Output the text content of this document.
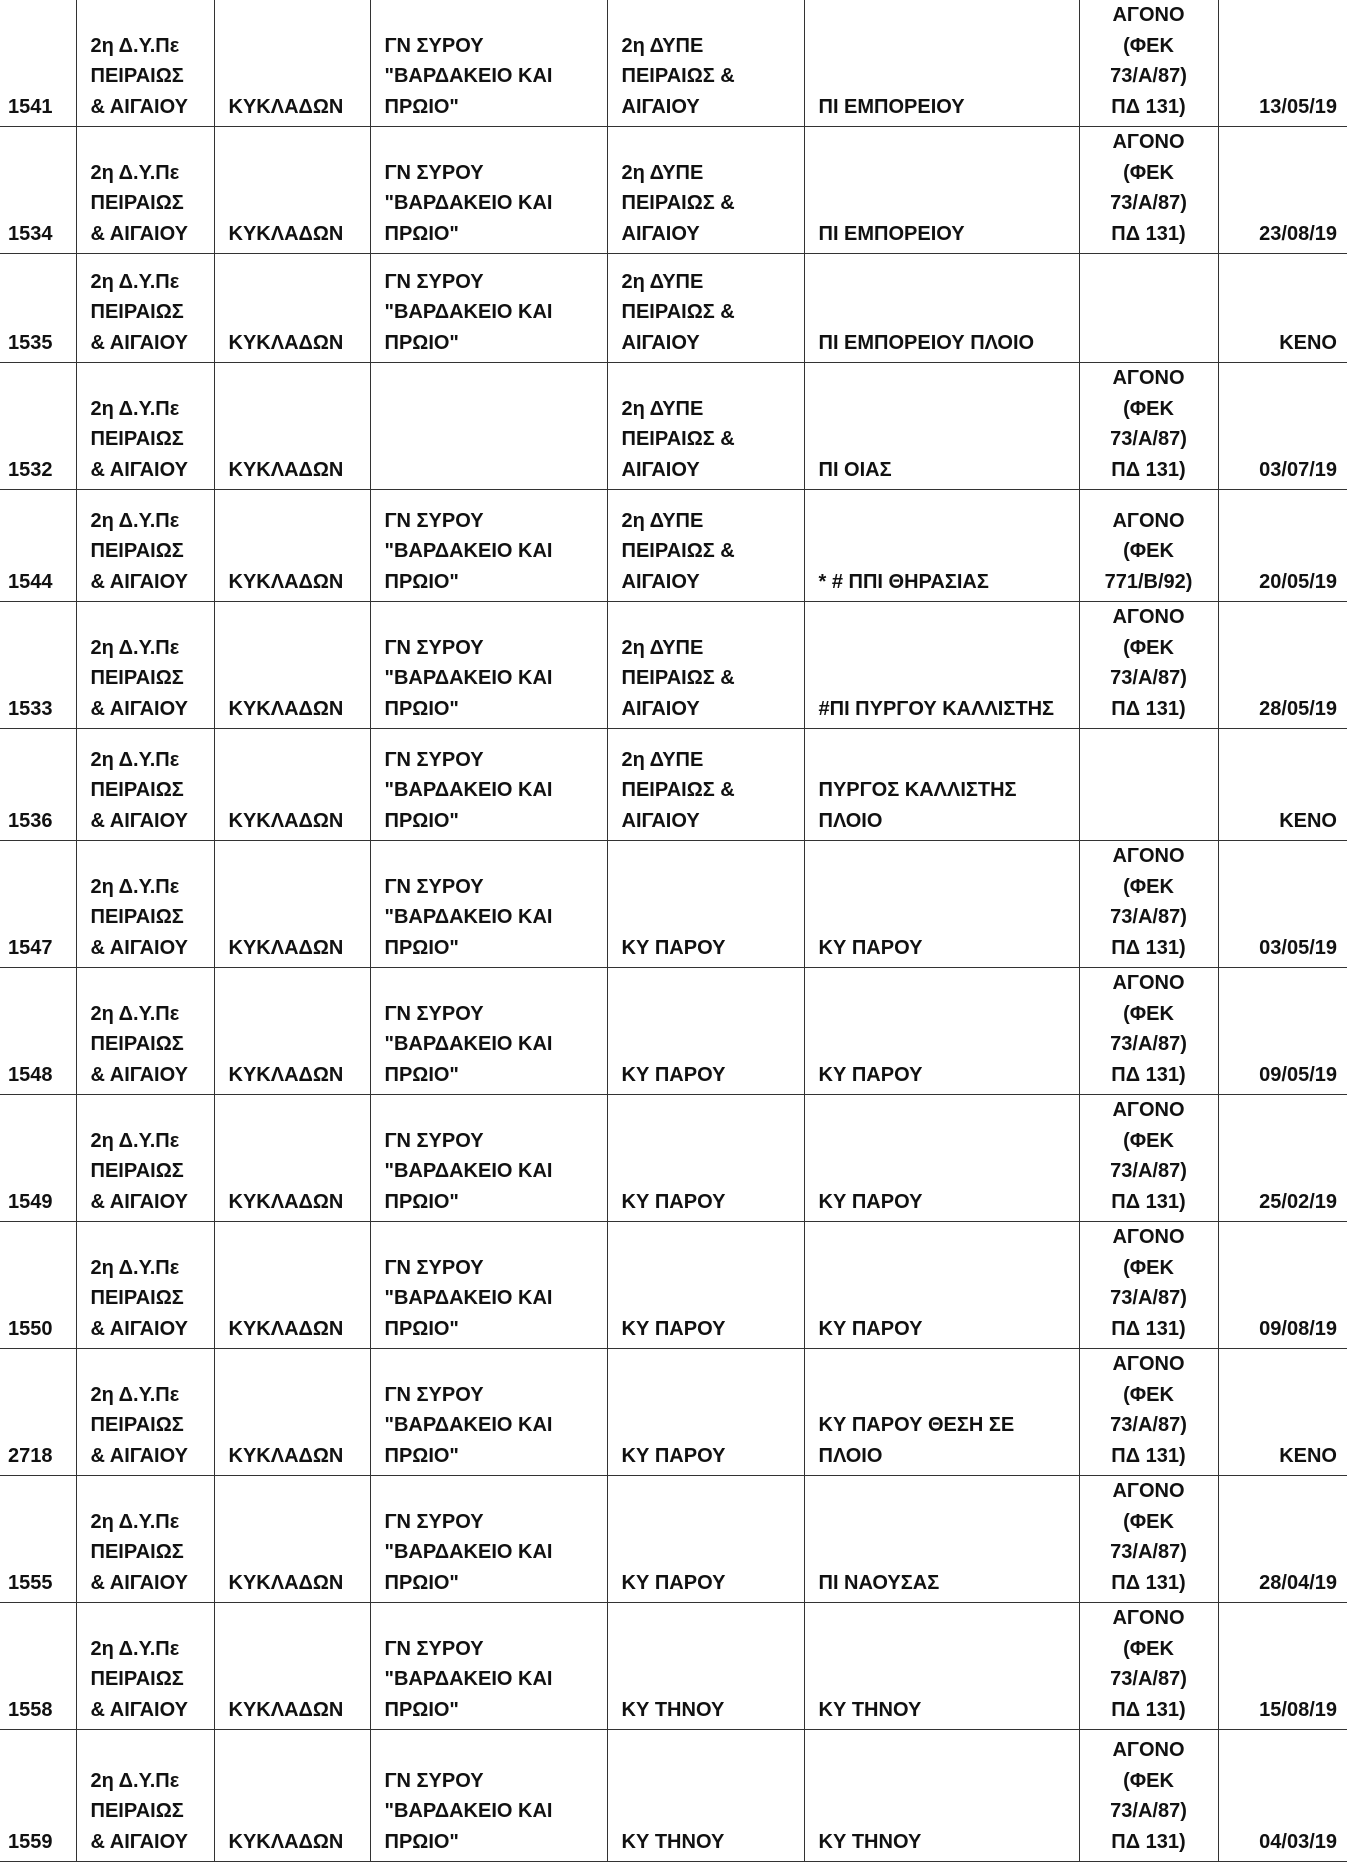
1541	2η Δ.Υ.Πε
ΠΕΙΡΑΙΩΣ
& ΑΙΓΑΙΟΥ	ΚΥΚΛΑΔΩΝ	ΓΝ ΣΥΡΟΥ
"ΒΑΡΔΑΚΕΙΟ ΚΑΙ
ΠΡΩΙΟ"	2η ΔΥΠΕ
ΠΕΙΡΑΙΩΣ &
ΑΙΓΑΙΟΥ	ΠΙ ΕΜΠΟΡΕΙΟΥ	ΑΓΟΝΟ
(ΦΕΚ
73/Α/87)
ΠΔ 131)	13/05/19
1534	2η Δ.Υ.Πε
ΠΕΙΡΑΙΩΣ
& ΑΙΓΑΙΟΥ	ΚΥΚΛΑΔΩΝ	ΓΝ ΣΥΡΟΥ
"ΒΑΡΔΑΚΕΙΟ ΚΑΙ
ΠΡΩΙΟ"	2η ΔΥΠΕ
ΠΕΙΡΑΙΩΣ &
ΑΙΓΑΙΟΥ	ΠΙ ΕΜΠΟΡΕΙΟΥ	ΑΓΟΝΟ
(ΦΕΚ
73/Α/87)
ΠΔ 131)	23/08/19
1535	2η Δ.Υ.Πε
ΠΕΙΡΑΙΩΣ
& ΑΙΓΑΙΟΥ	ΚΥΚΛΑΔΩΝ	ΓΝ ΣΥΡΟΥ
"ΒΑΡΔΑΚΕΙΟ ΚΑΙ
ΠΡΩΙΟ"	2η ΔΥΠΕ
ΠΕΙΡΑΙΩΣ &
ΑΙΓΑΙΟΥ	ΠΙ ΕΜΠΟΡΕΙΟΥ ΠΛΟΙΟ		ΚΕΝΟ
1532	2η Δ.Υ.Πε
ΠΕΙΡΑΙΩΣ
& ΑΙΓΑΙΟΥ	ΚΥΚΛΑΔΩΝ		2η ΔΥΠΕ
ΠΕΙΡΑΙΩΣ &
ΑΙΓΑΙΟΥ	ΠΙ ΟΙΑΣ	ΑΓΟΝΟ
(ΦΕΚ
73/Α/87)
ΠΔ 131)	03/07/19
1544	2η Δ.Υ.Πε
ΠΕΙΡΑΙΩΣ
& ΑΙΓΑΙΟΥ	ΚΥΚΛΑΔΩΝ	ΓΝ ΣΥΡΟΥ
"ΒΑΡΔΑΚΕΙΟ ΚΑΙ
ΠΡΩΙΟ"	2η ΔΥΠΕ
ΠΕΙΡΑΙΩΣ &
ΑΙΓΑΙΟΥ	* # ΠΠΙ ΘΗΡΑΣΙΑΣ	ΑΓΟΝΟ
(ΦΕΚ
771/Β/92)	20/05/19
1533	2η Δ.Υ.Πε
ΠΕΙΡΑΙΩΣ
& ΑΙΓΑΙΟΥ	ΚΥΚΛΑΔΩΝ	ΓΝ ΣΥΡΟΥ
"ΒΑΡΔΑΚΕΙΟ ΚΑΙ
ΠΡΩΙΟ"	2η ΔΥΠΕ
ΠΕΙΡΑΙΩΣ &
ΑΙΓΑΙΟΥ	#ΠΙ ΠΥΡΓΟΥ ΚΑΛΛΙΣΤΗΣ	ΑΓΟΝΟ
(ΦΕΚ
73/Α/87)
ΠΔ 131)	28/05/19
1536	2η Δ.Υ.Πε
ΠΕΙΡΑΙΩΣ
& ΑΙΓΑΙΟΥ	ΚΥΚΛΑΔΩΝ	ΓΝ ΣΥΡΟΥ
"ΒΑΡΔΑΚΕΙΟ ΚΑΙ
ΠΡΩΙΟ"	2η ΔΥΠΕ
ΠΕΙΡΑΙΩΣ &
ΑΙΓΑΙΟΥ	ΠΥΡΓΟΣ ΚΑΛΛΙΣΤΗΣ
ΠΛΟΙΟ		ΚΕΝΟ
1547	2η Δ.Υ.Πε
ΠΕΙΡΑΙΩΣ
& ΑΙΓΑΙΟΥ	ΚΥΚΛΑΔΩΝ	ΓΝ ΣΥΡΟΥ
"ΒΑΡΔΑΚΕΙΟ ΚΑΙ
ΠΡΩΙΟ"	ΚΥ ΠΑΡΟΥ	ΚΥ ΠΑΡΟΥ	ΑΓΟΝΟ
(ΦΕΚ
73/Α/87)
ΠΔ 131)	03/05/19
1548	2η Δ.Υ.Πε
ΠΕΙΡΑΙΩΣ
& ΑΙΓΑΙΟΥ	ΚΥΚΛΑΔΩΝ	ΓΝ ΣΥΡΟΥ
"ΒΑΡΔΑΚΕΙΟ ΚΑΙ
ΠΡΩΙΟ"	ΚΥ ΠΑΡΟΥ	ΚΥ ΠΑΡΟΥ	ΑΓΟΝΟ
(ΦΕΚ
73/Α/87)
ΠΔ 131)	09/05/19
1549	2η Δ.Υ.Πε
ΠΕΙΡΑΙΩΣ
& ΑΙΓΑΙΟΥ	ΚΥΚΛΑΔΩΝ	ΓΝ ΣΥΡΟΥ
"ΒΑΡΔΑΚΕΙΟ ΚΑΙ
ΠΡΩΙΟ"	ΚΥ ΠΑΡΟΥ	ΚΥ ΠΑΡΟΥ	ΑΓΟΝΟ
(ΦΕΚ
73/Α/87)
ΠΔ 131)	25/02/19
1550	2η Δ.Υ.Πε
ΠΕΙΡΑΙΩΣ
& ΑΙΓΑΙΟΥ	ΚΥΚΛΑΔΩΝ	ΓΝ ΣΥΡΟΥ
"ΒΑΡΔΑΚΕΙΟ ΚΑΙ
ΠΡΩΙΟ"	ΚΥ ΠΑΡΟΥ	ΚΥ ΠΑΡΟΥ	ΑΓΟΝΟ
(ΦΕΚ
73/Α/87)
ΠΔ 131)	09/08/19
2718	2η Δ.Υ.Πε
ΠΕΙΡΑΙΩΣ
& ΑΙΓΑΙΟΥ	ΚΥΚΛΑΔΩΝ	ΓΝ ΣΥΡΟΥ
"ΒΑΡΔΑΚΕΙΟ ΚΑΙ
ΠΡΩΙΟ"	ΚΥ ΠΑΡΟΥ	ΚΥ ΠΑΡΟΥ ΘΕΣΗ ΣΕ
ΠΛΟΙΟ	ΑΓΟΝΟ
(ΦΕΚ
73/Α/87)
ΠΔ 131)	ΚΕΝΟ
1555	2η Δ.Υ.Πε
ΠΕΙΡΑΙΩΣ
& ΑΙΓΑΙΟΥ	ΚΥΚΛΑΔΩΝ	ΓΝ ΣΥΡΟΥ
"ΒΑΡΔΑΚΕΙΟ ΚΑΙ
ΠΡΩΙΟ"	ΚΥ ΠΑΡΟΥ	ΠΙ ΝΑΟΥΣΑΣ	ΑΓΟΝΟ
(ΦΕΚ
73/Α/87)
ΠΔ 131)	28/04/19
1558	2η Δ.Υ.Πε
ΠΕΙΡΑΙΩΣ
& ΑΙΓΑΙΟΥ	ΚΥΚΛΑΔΩΝ	ΓΝ ΣΥΡΟΥ
"ΒΑΡΔΑΚΕΙΟ ΚΑΙ
ΠΡΩΙΟ"	ΚΥ ΤΗΝΟΥ	ΚΥ ΤΗΝΟΥ	ΑΓΟΝΟ
(ΦΕΚ
73/Α/87)
ΠΔ 131)	15/08/19
1559	2η Δ.Υ.Πε
ΠΕΙΡΑΙΩΣ
& ΑΙΓΑΙΟΥ	ΚΥΚΛΑΔΩΝ	ΓΝ ΣΥΡΟΥ
"ΒΑΡΔΑΚΕΙΟ ΚΑΙ
ΠΡΩΙΟ"	ΚΥ ΤΗΝΟΥ	ΚΥ ΤΗΝΟΥ	ΑΓΟΝΟ
(ΦΕΚ
73/Α/87)
ΠΔ 131)	04/03/19
